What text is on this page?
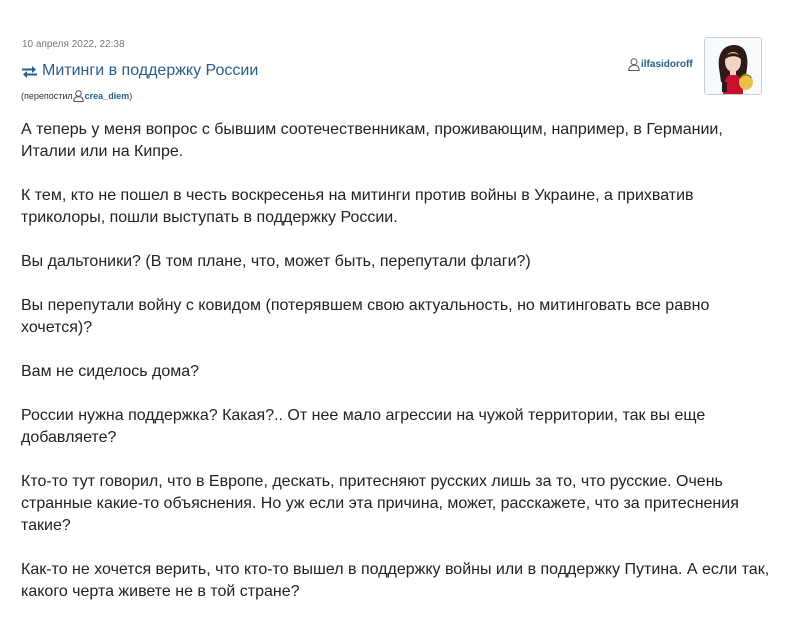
10 апреля 2022, 22:38
Митинги в поддержку России
( перепостил crea_diem )
ilfasidoroff

А теперь у меня вопрос с бывшим соотечественникам, проживающим, например, в Германии, Италии или на Кипре.

К тем, кто не пошел в честь воскресенья на митинги против войны в Украине, а прихватив триколоры, пошли выступать в поддержку России.

Вы дальтоники? (В том плане, что, может быть, перепутали флаги?)

Вы перепутали войну с ковидом (потерявшем свою актуальность, но митинговать все равно хочется)?

Вам не сиделось дома?

России нужна поддержка? Какая?.. От нее мало агрессии на чужой территории, так вы еще добавляете?

Кто-то тут говорил, что в Европе, дескать, притесняют русских лишь за то, что русские. Очень странные какие-то объяснения. Но уж если эта причина, может, расскажете, что за притеснения такие?

Как-то не хочется верить, что кто-то вышел в поддержку войны или в поддержку Путина. А если так, какого черта живете не в той стране?
